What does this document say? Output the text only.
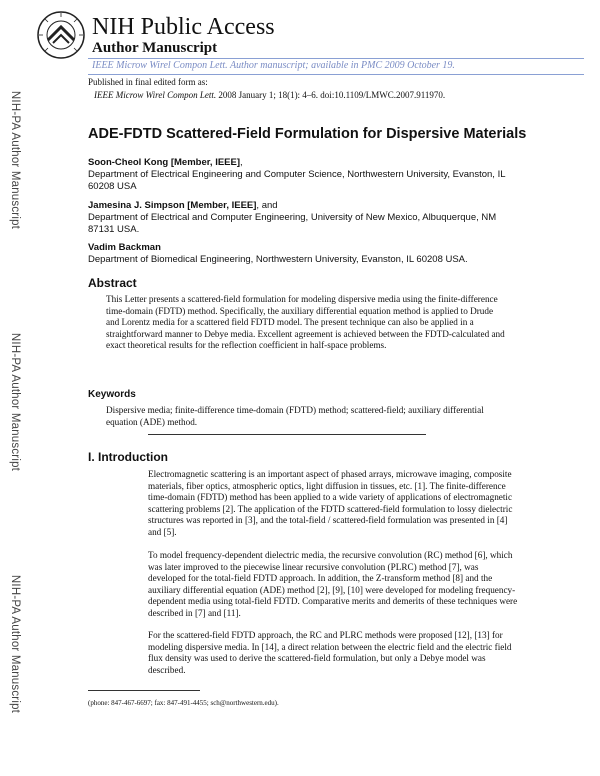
NIH-PA Author Manuscript
NIH-PA Author Manuscript
NIH-PA Author Manuscript
NIH Public Access
Author Manuscript
IEEE Microw Wirel Compon Lett. Author manuscript; available in PMC 2009 October 19.
Published in final edited form as:
IEEE Microw Wirel Compon Lett. 2008 January 1; 18(1): 4–6. doi:10.1109/LMWC.2007.911970.
ADE-FDTD Scattered-Field Formulation for Dispersive Materials
Soon-Cheol Kong [Member, IEEE],
Department of Electrical Engineering and Computer Science, Northwestern University, Evanston, IL 60208 USA
Jamesina J. Simpson [Member, IEEE], and
Department of Electrical and Computer Engineering, University of New Mexico, Albuquerque, NM 87131 USA.
Vadim Backman
Department of Biomedical Engineering, Northwestern University, Evanston, IL 60208 USA.
Abstract
This Letter presents a scattered-field formulation for modeling dispersive media using the finite-difference time-domain (FDTD) method. Specifically, the auxiliary differential equation method is applied to Drude and Lorentz media for a scattered field FDTD model. The present technique can also be applied in a straightforward manner to Debye media. Excellent agreement is achieved between the FDTD-calculated and exact theoretical results for the reflection coefficient in half-space problems.
Keywords
Dispersive media; finite-difference time-domain (FDTD) method; scattered-field; auxiliary differential equation (ADE) method.
I. Introduction
Electromagnetic scattering is an important aspect of phased arrays, microwave imaging, composite materials, fiber optics, atmospheric optics, light diffusion in tissues, etc. [1]. The finite-difference time-domain (FDTD) method has been applied to a wide variety of applications of electromagnetic scattering problems [2]. The application of the FDTD scattered-field formulation to lossy dielectric structures was reported in [3], and the total-field / scattered-field formulation was presented in [4] and [5].
To model frequency-dependent dielectric media, the recursive convolution (RC) method [6], which was later improved to the piecewise linear recursive convolution (PLRC) method [7], was developed for the total-field FDTD approach. In addition, the Z-transform method [8] and the auxiliary differential equation (ADE) method [2], [9], [10] were developed for modeling frequency-dependent media using total-field FDTD. Comparative merits and demerits of these techniques were described in [7] and [11].
For the scattered-field FDTD approach, the RC and PLRC methods were proposed [12], [13] for modeling dispersive media. In [14], a direct relation between the electric field and the electric field flux density was used to derive the scattered-field formulation, but only a Debye model was described.
(phone: 847-467-6697; fax: 847-491-4455; sch@northwestern.edu).
